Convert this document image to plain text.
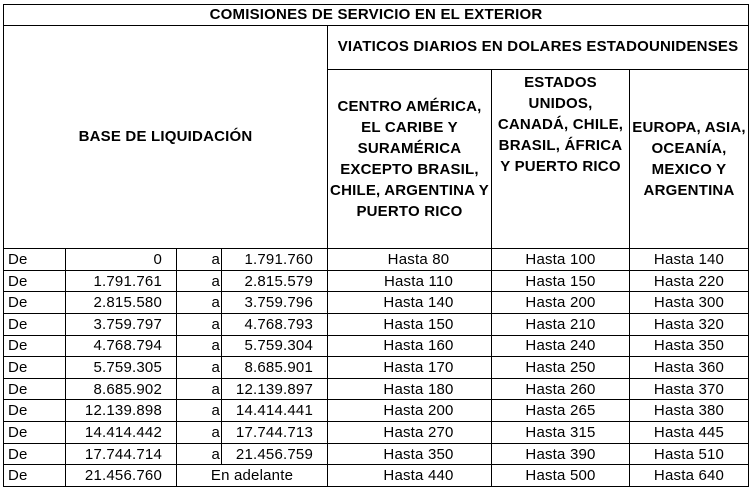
COMISIONES DE SERVICIO EN EL EXTERIOR						
BASE DE LIQUIDACIÓN				VIATICOS DIARIOS EN DOLARES ESTADOUNIDENSES		
				CENTRO AMÉRICA, EL CARIBE Y SURAMÉRICA EXCEPTO BRASIL, CHILE, ARGENTINA Y PUERTO RICO	ESTADOS UNIDOS, CANADÁ, CHILE, BRASIL, ÁFRICA Y PUERTO RICO	EUROPA, ASIA, OCEANÍA, MEXICO Y ARGENTINA
De	0	a	1.791.760	Hasta 80	Hasta 100	Hasta 140
De	1.791.761	a	2.815.579	Hasta 110	Hasta 150	Hasta 220
De	2.815.580	a	3.759.796	Hasta 140	Hasta 200	Hasta 300
De	3.759.797	a	4.768.793	Hasta 150	Hasta 210	Hasta 320
De	4.768.794	a	5.759.304	Hasta 160	Hasta 240	Hasta 350
De	5.759.305	a	8.685.901	Hasta 170	Hasta 250	Hasta 360
De	8.685.902	a	12.139.897	Hasta 180	Hasta 260	Hasta 370
De	12.139.898	a	14.414.441	Hasta 200	Hasta 265	Hasta 380
De	14.414.442	a	17.744.713	Hasta 270	Hasta 315	Hasta 445
De	17.744.714	a	21.456.759	Hasta 350	Hasta 390	Hasta 510
De	21.456.760	En adelante		Hasta 440	Hasta 500	Hasta 640
